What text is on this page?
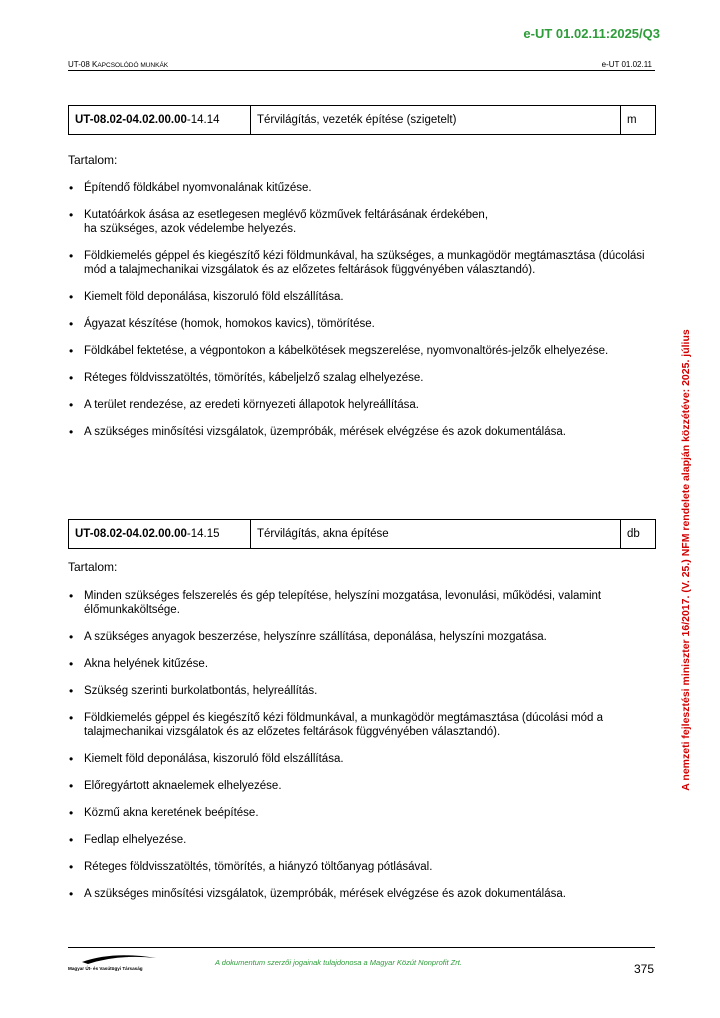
e-UT 01.02.11:2025/Q3
UT-08 KAPCSOLÓDÓ MUNKÁK	e-UT 01.02.11
A nemzeti fejlesztési miniszter 16/2017. (V. 25.) NFM rendelete alapján közzétéve: 2025. július
UT-08.02-04.02.00.00-14.14	Térvilágítás, vezeték építése (szigetelt)	m
Tartalom:
• Építendő földkábel nyomvonalának kitűzése.
• Kutatóárkok ásása az esetlegesen meglévő közművek feltárásának érdekében,
ha szükséges, azok védelembe helyezés.
• Földkiemelés géppel és kiegészítő kézi földmunkával, ha szükséges, a munkagödör megtámasztása (dúcolási mód a talajmechanikai vizsgálatok és az előzetes feltárások függvényében választandó).
• Kiemelt föld deponálása, kiszoruló föld elszállítása.
• Ágyazat készítése (homok, homokos kavics), tömörítése.
• Földkábel fektetése, a végpontokon a kábelkötések megszerelése, nyomvonaltörés-jelzők elhelyezése.
• Réteges földvisszatöltés, tömörítés, kábeljelző szalag elhelyezése.
• A terület rendezése, az eredeti környezeti állapotok helyreállítása.
• A szükséges minősítési vizsgálatok, üzempróbák, mérések elvégzése és azok dokumentálása.
UT-08.02-04.02.00.00-14.15	Térvilágítás, akna építése	db
Tartalom:
• Minden szükséges felszerelés és gép telepítése, helyszíni mozgatása, levonulási, működési, valamint élőmunkaköltsége.
• A szükséges anyagok beszerzése, helyszínre szállítása, deponálása, helyszíni mozgatása.
• Akna helyének kitűzése.
• Szükség szerinti burkolatbontás, helyreállítás.
• Földkiemelés géppel és kiegészítő kézi földmunkával, a munkagödör megtámasztása (dúcolási mód a talajmechanikai vizsgálatok és az előzetes feltárások függvényében választandó).
• Kiemelt föld deponálása, kiszoruló föld elszállítása.
• Előregyártott aknaelemek elhelyezése.
• Közmű akna keretének beépítése.
• Fedlap elhelyezése.
• Réteges földvisszatöltés, tömörítés, a hiányzó töltőanyag pótlásával.
• A szükséges minősítési vizsgálatok, üzempróbák, mérések elvégzése és azok dokumentálása.
Magyar Út- és Vasútügyi Társaság
A dokumentum szerzői jogainak tulajdonosa a Magyar Közút Nonprofit Zrt.	375
